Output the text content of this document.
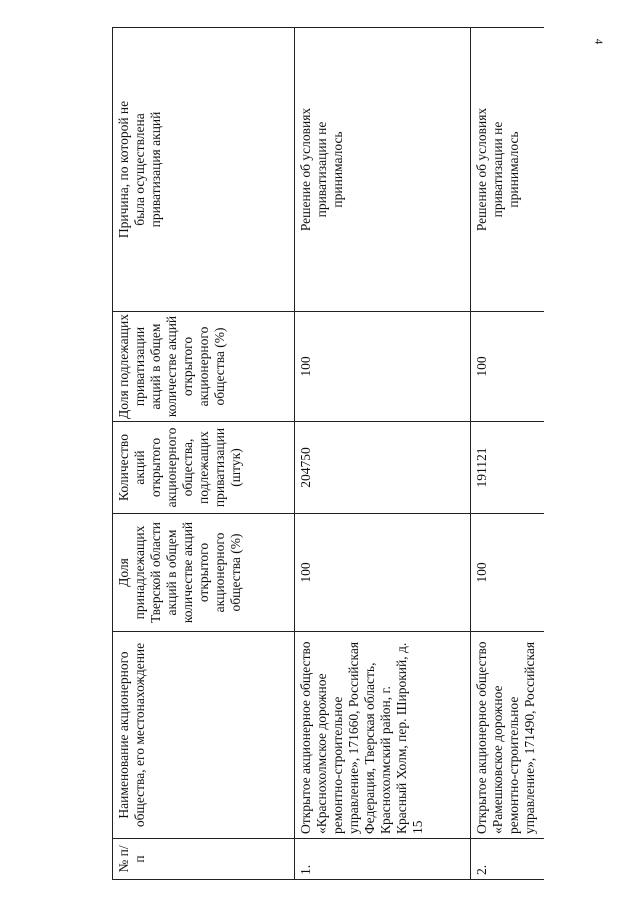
4
№ п/п
Наименование акционерного общества, его местонахождение
Доля принадлежащих Тверской области акций в общем количестве акций открытого акционерного общества (%)
Количество акций открытого акционерного общества, подлежащих приватизации (штук)
Доля подлежащих приватизации акций в общем количестве акций открытого акционерного общества (%)
Причина, по которой не была осуществлена приватизация акций
1.
Открытое акционерное общество «Краснохолмское дорожное ремонтно-строительное управление», 171660, Российская Федерация, Тверская область, Краснохолмский район, г. Красный Холм, пер. Широкий, д. 15
100
204750
100
Решение об условиях приватизации не принималось
2.
Открытое акционерное общество «Рамешковское дорожное ремонтно-строительное управление», 171490, Российская
100
191121
100
Решение об условиях приватизации не принималось
